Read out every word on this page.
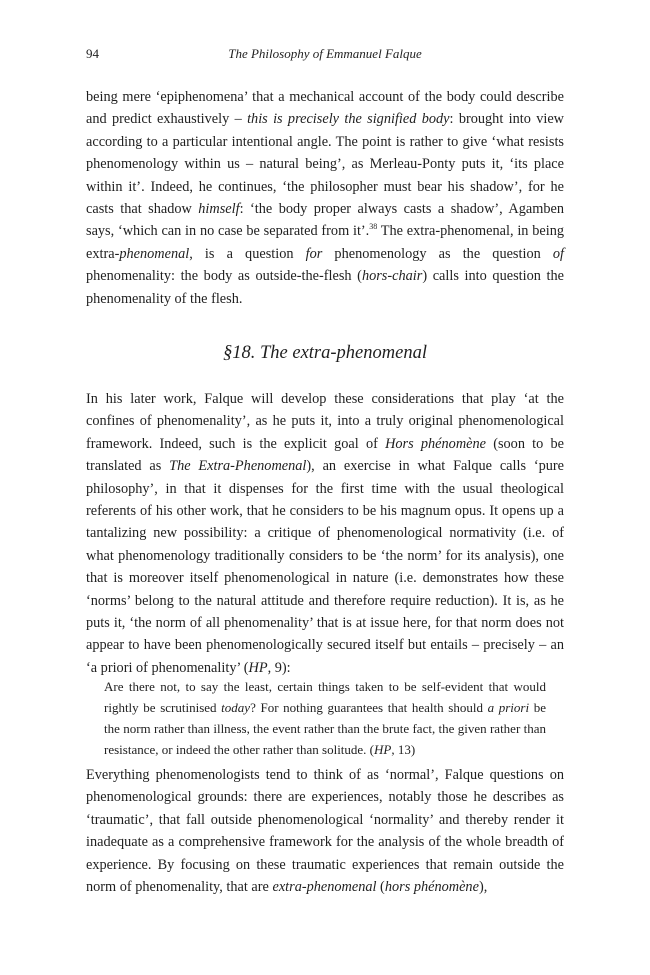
94	The Philosophy of Emmanuel Falque

being mere ‘epiphenomena’ that a mechanical account of the body could describe and predict exhaustively – this is precisely the signified body: brought into view according to a particular intentional angle. The point is rather to give ‘what resists phenomenology within us – natural being’, as Merleau-Ponty puts it, ‘its place within it’. Indeed, he continues, ‘the philosopher must bear his shadow’, for he casts that shadow himself: ‘the body proper always casts a shadow’, Agamben says, ‘which can in no case be separated from it’.$^{38}$ The extra-phenomenal, in being extra-phenomenal, is a question for phenomenology as the question of phenomenality: the body as outside-the-flesh (hors-chair) calls into question the phenomenality of the flesh.

§18. The extra-phenomenal

In his later work, Falque will develop these considerations that play ‘at the confines of phenomenality’, as he puts it, into a truly original phenomenological framework. Indeed, such is the explicit goal of Hors phénomène (soon to be translated as The Extra-Phenomenal), an exercise in what Falque calls ‘pure philosophy’, in that it dispenses for the first time with the usual theological referents of his other work, that he considers to be his magnum opus. It opens up a tantalizing new possibility: a critique of phenomenological normativity (i.e. of what phenomenology traditionally considers to be ‘the norm’ for its analysis), one that is moreover itself phenomenological in nature (i.e. demonstrates how these ‘norms’ belong to the natural attitude and therefore require reduction). It is, as he puts it, ‘the norm of all phenomenality’ that is at issue here, for that norm does not appear to have been phenomenologically secured itself but entails – precisely – an ‘a priori of phenomenality’ (HP, 9):

Are there not, to say the least, certain things taken to be self-evident that would rightly be scrutinised today? For nothing guarantees that health should a priori be the norm rather than illness, the event rather than the brute fact, the given rather than resistance, or indeed the other rather than solitude. (HP, 13)

Everything phenomenologists tend to think of as ‘normal’, Falque questions on phenomenological grounds: there are experiences, notably those he describes as ‘traumatic’, that fall outside phenomenological ‘normality’ and thereby render it inadequate as a comprehensive framework for the analysis of the whole breadth of experience. By focusing on these traumatic experiences that remain outside the norm of phenomenality, that are extra-phenomenal (hors phénomène),
